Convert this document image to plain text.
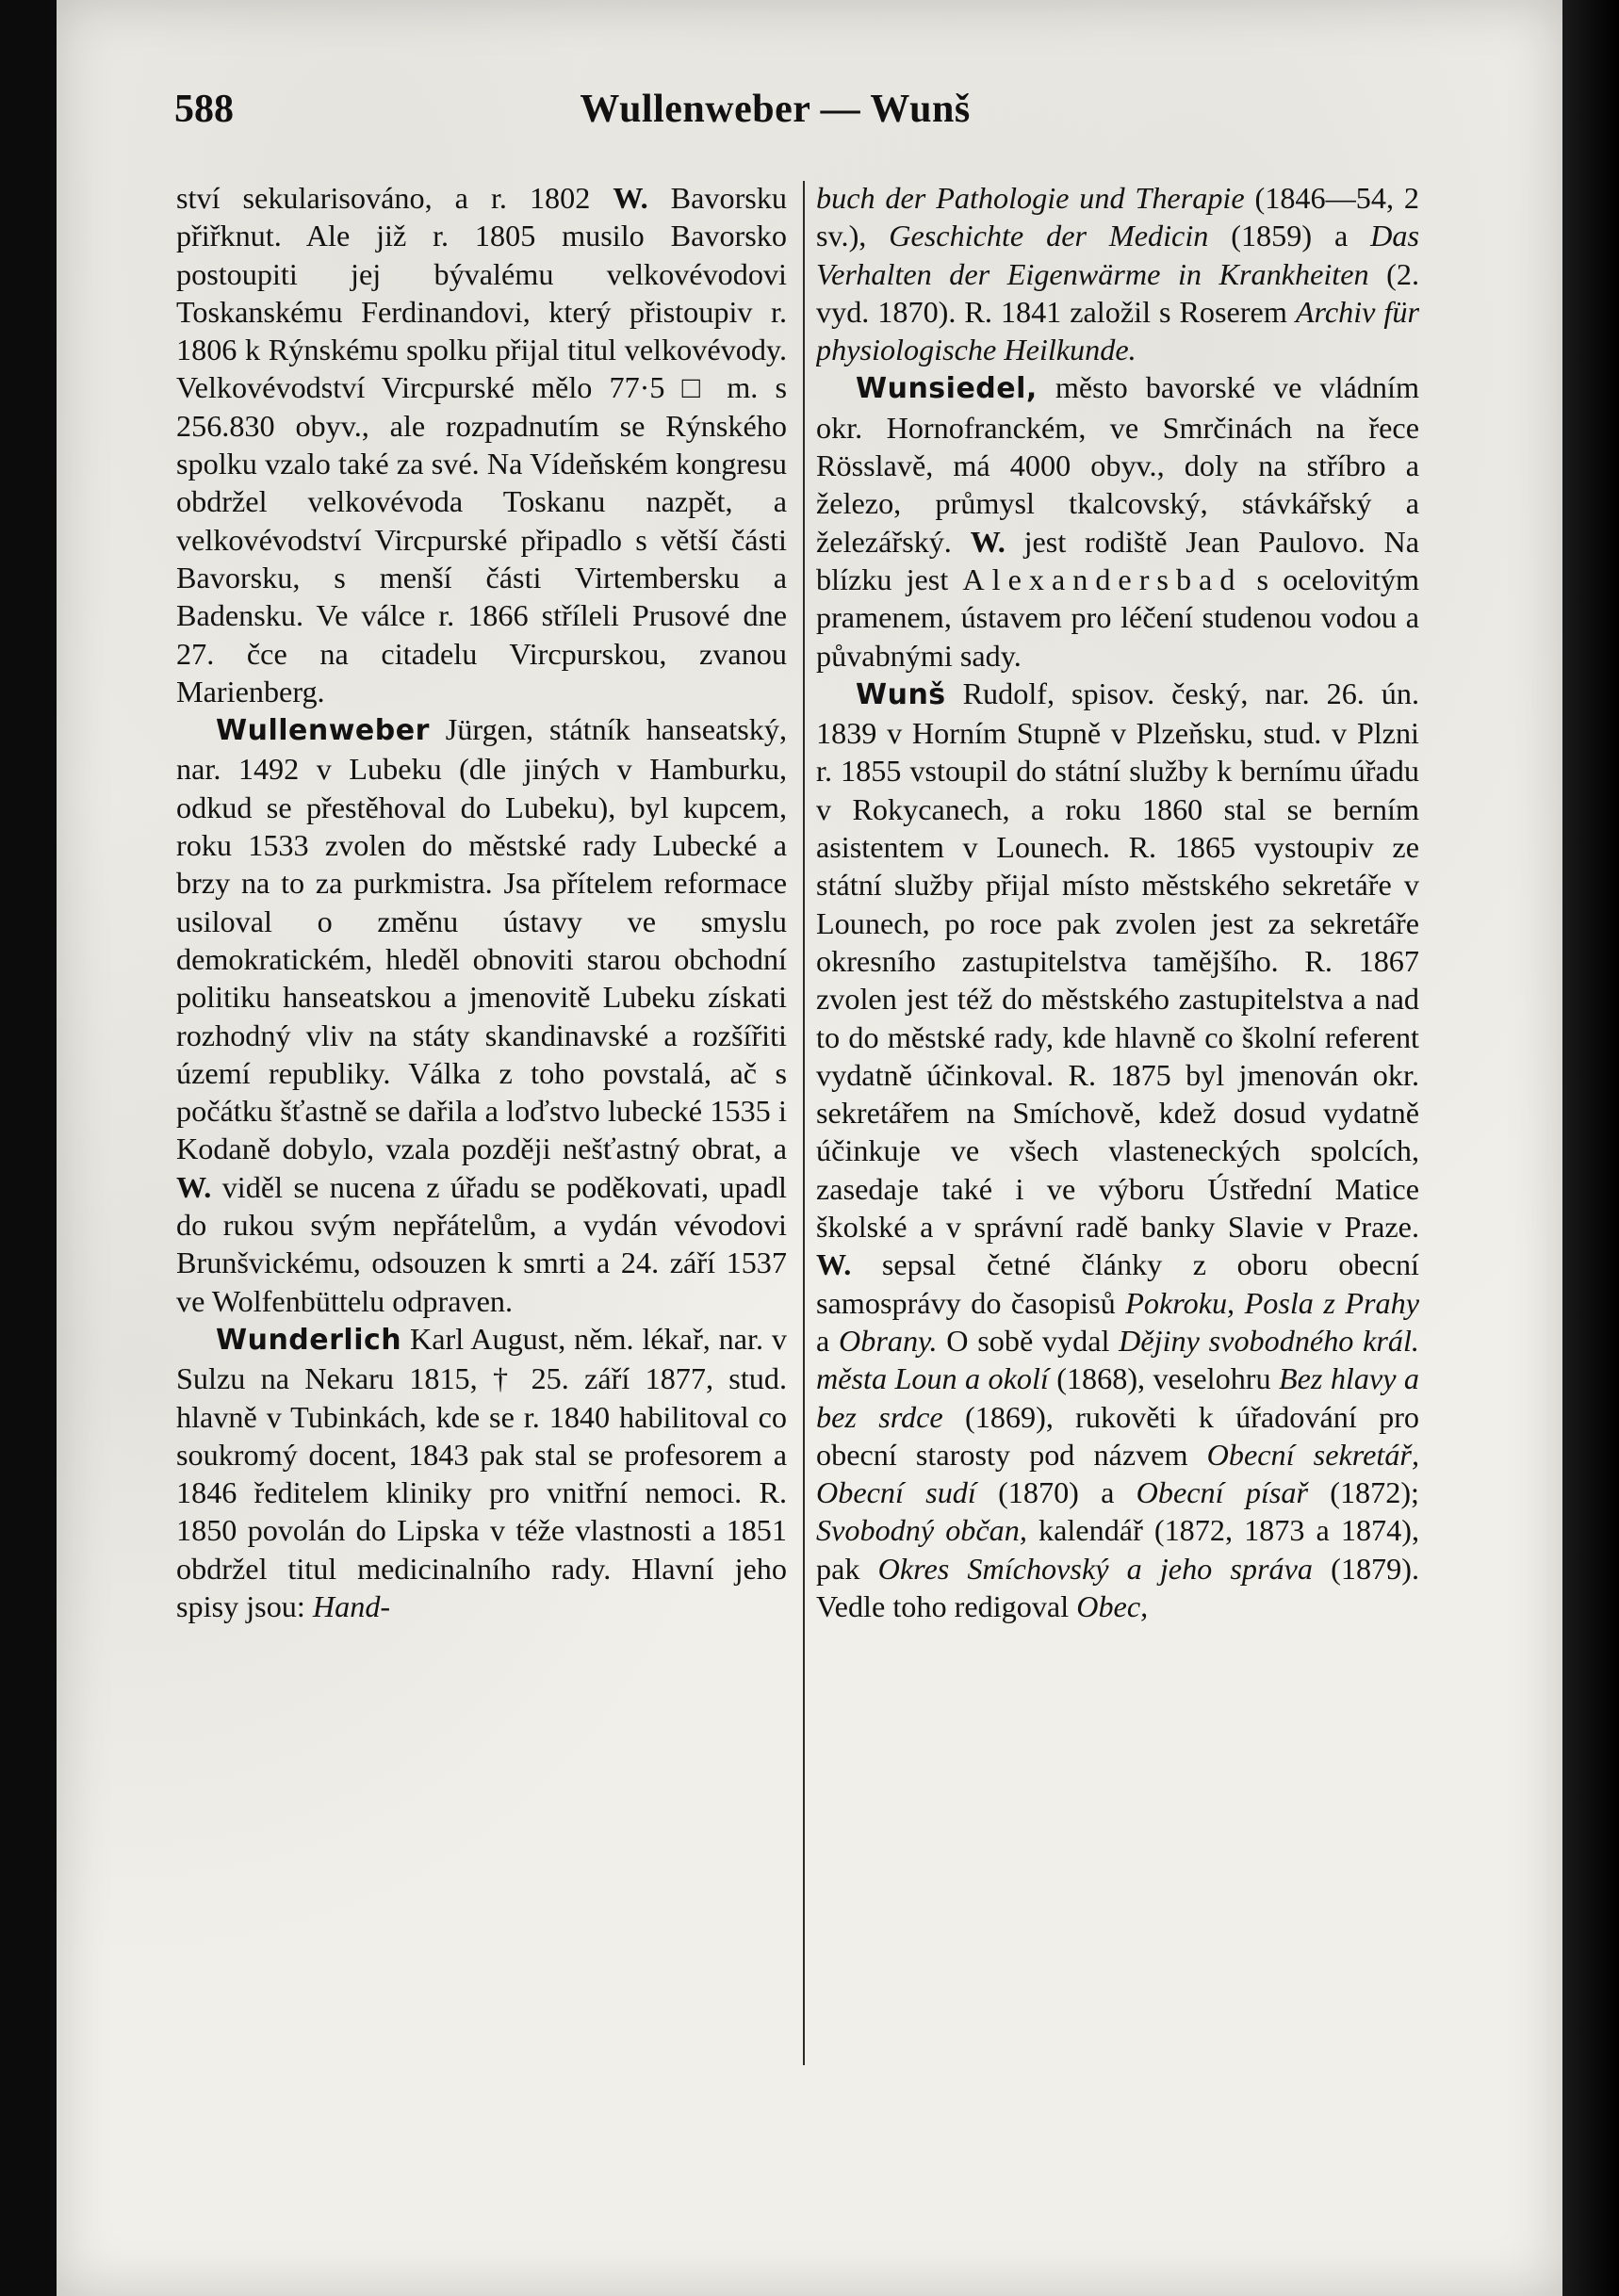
588	Wullenweber — Wunš

ství sekularisováno, a r. 1802 W. Bavorsku přiřknut. Ale již r. 1805 musilo Bavorsko postoupiti jej bývalému velkovévodovi Toskanskému Ferdinandovi, který přistoupiv r. 1806 k Rýnskému spolku přijal titul velkovévody. Velkovévodství Vircpurské mělo 77·5 □ m. s 256.830 obyv., ale rozpadnutím se Rýnského spolku vzalo také za své. Na Vídeňském kongresu obdržel velkovévoda Toskanu nazpět, a velkovévodství Vircpurské připadlo s větší části Bavorsku, s menší části Virtembersku a Badensku. Ve válce r. 1866 stříleli Prusové dne 27. čce na citadelu Vircpurskou, zvanou Marienberg.

Wullenweber Jürgen, státník hanseatský, nar. 1492 v Lubeku (dle jiných v Hamburku, odkud se přestěhoval do Lubeku), byl kupcem, roku 1533 zvolen do městské rady Lubecké a brzy na to za purkmistra. Jsa přítelem reformace usiloval o změnu ústavy ve smyslu demokratickém, hleděl obnoviti starou obchodní politiku hanseatskou a jmenovitě Lubeku získati rozhodný vliv na státy skandinavské a rozšířiti území republiky. Válka z toho povstalá, ač s počátku šťastně se dařila a loďstvo lubecké 1535 i Kodaně dobylo, vzala později nešťastný obrat, a W. viděl se nucena z úřadu se poděkovati, upadl do rukou svým nepřátelům, a vydán vévodovi Brunšvickému, odsouzen k smrti a 24. září 1537 ve Wolfenbüttelu odpraven.

Wunderlich Karl August, něm. lékař, nar. v Sulzu na Nekaru 1815, † 25. září 1877, stud. hlavně v Tubinkách, kde se r. 1840 habilitoval co soukromý docent, 1843 pak stal se profesorem a 1846 ředitelem kliniky pro vnitřní nemoci. R. 1850 povolán do Lipska v téže vlastnosti a 1851 obdržel titul medicinalního rady. Hlavní jeho spisy jsou: Hand-

buch der Pathologie und Therapie (1846—54, 2 sv.), Geschichte der Medicin (1859) a Das Verhalten der Eigenwärme in Krankheiten (2. vyd. 1870). R. 1841 založil s Roserem Archiv für physiologische Heilkunde.

Wunsiedel, město bavorské ve vládním okr. Hornofranckém, ve Smrčinách na řece Rösslavě, má 4000 obyv., doly na stříbro a železo, průmysl tkalcovský, stávkářský a železářský. W. jest rodiště Jean Paulovo. Na blízku jest Alexandersbad s ocelovitým pramenem, ústavem pro léčení studenou vodou a půvabnými sady.

Wunš Rudolf, spisov. český, nar. 26. ún. 1839 v Horním Stupně v Plzeňsku, stud. v Plzni r. 1855 vstoupil do státní služby k bernímu úřadu v Rokycanech, a roku 1860 stal se berním asistentem v Lounech. R. 1865 vystoupiv ze státní služby přijal místo městského sekretáře v Lounech, po roce pak zvolen jest za sekretáře okresního zastupitelstva tamějšího. R. 1867 zvolen jest též do městského zastupitelstva a nad to do městské rady, kde hlavně co školní referent vydatně účinkoval. R. 1875 byl jmenován okr. sekretářem na Smíchově, kdež dosud vydatně účinkuje ve všech vlasteneckých spolcích, zasedaje také i ve výboru Ústřední Matice školské a v správní radě banky Slavie v Praze. W. sepsal četné články z oboru obecní samosprávy do časopisů Pokroku, Posla z Prahy a Obrany. O sobě vydal Dějiny svobodného král. města Loun a okolí (1868), veselohru Bez hlavy a bez srdce (1869), rukověti k úřadování pro obecní starosty pod názvem Obecní sekretář, Obecní sudí (1870) a Obecní písař (1872); Svobodný občan, kalendář (1872, 1873 a 1874), pak Okres Smíchovský a jeho správa (1879). Vedle toho redigoval Obec,
